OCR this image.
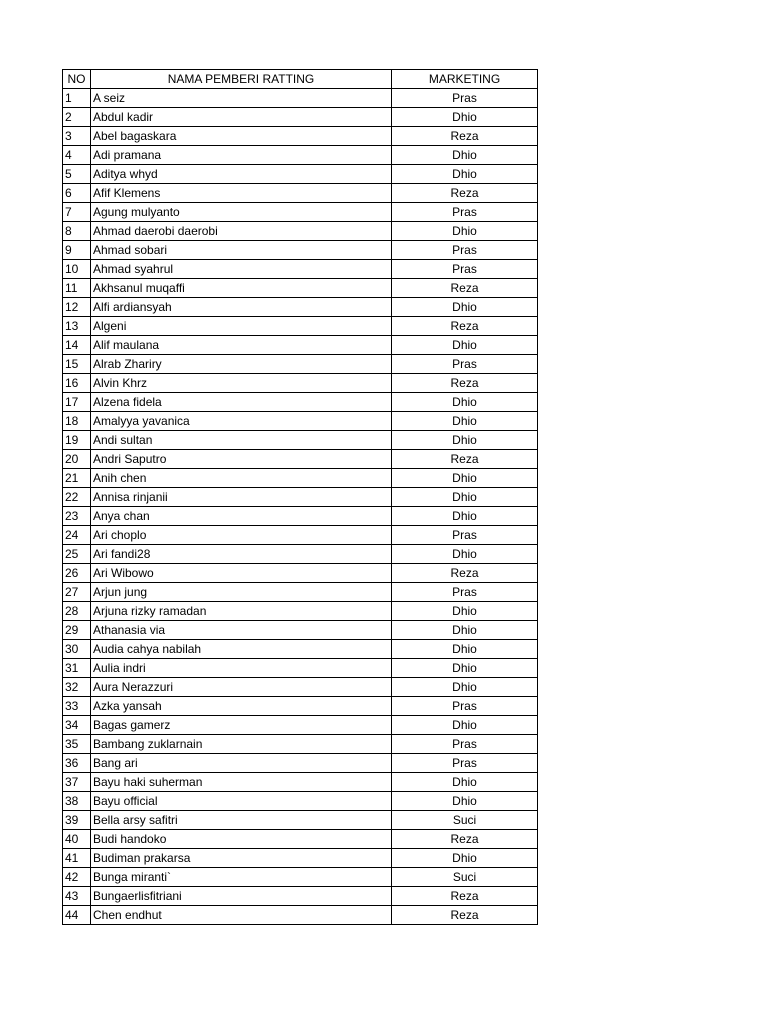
NO	NAMA PEMBERI RATTING	MARKETING
1	A seiz	Pras
2	Abdul kadir	Dhio
3	Abel bagaskara	Reza
4	Adi pramana	Dhio
5	Aditya whyd	Dhio
6	Afif Klemens	Reza
7	Agung mulyanto	Pras
8	Ahmad daerobi daerobi	Dhio
9	Ahmad sobari	Pras
10	Ahmad syahrul	Pras
11	Akhsanul muqaffi	Reza
12	Alfi ardiansyah	Dhio
13	Algeni	Reza
14	Alif maulana	Dhio
15	Alrab Zhariry	Pras
16	Alvin Khrz	Reza
17	Alzena fidela	Dhio
18	Amalyya yavanica	Dhio
19	Andi sultan	Dhio
20	Andri Saputro	Reza
21	Anih chen	Dhio
22	Annisa rinjanii	Dhio
23	Anya chan	Dhio
24	Ari choplo	Pras
25	Ari fandi28	Dhio
26	Ari Wibowo	Reza
27	Arjun jung	Pras
28	Arjuna rizky ramadan	Dhio
29	Athanasia via	Dhio
30	Audia cahya nabilah	Dhio
31	Aulia indri	Dhio
32	Aura Nerazzuri	Dhio
33	Azka yansah	Pras
34	Bagas gamerz	Dhio
35	Bambang zuklarnain	Pras
36	Bang ari	Pras
37	Bayu haki suherman	Dhio
38	Bayu official	Dhio
39	Bella arsy safitri	Suci
40	Budi handoko	Reza
41	Budiman prakarsa	Dhio
42	Bunga miranti`	Suci
43	Bungaerlisfitriani	Reza
44	Chen endhut	Reza
